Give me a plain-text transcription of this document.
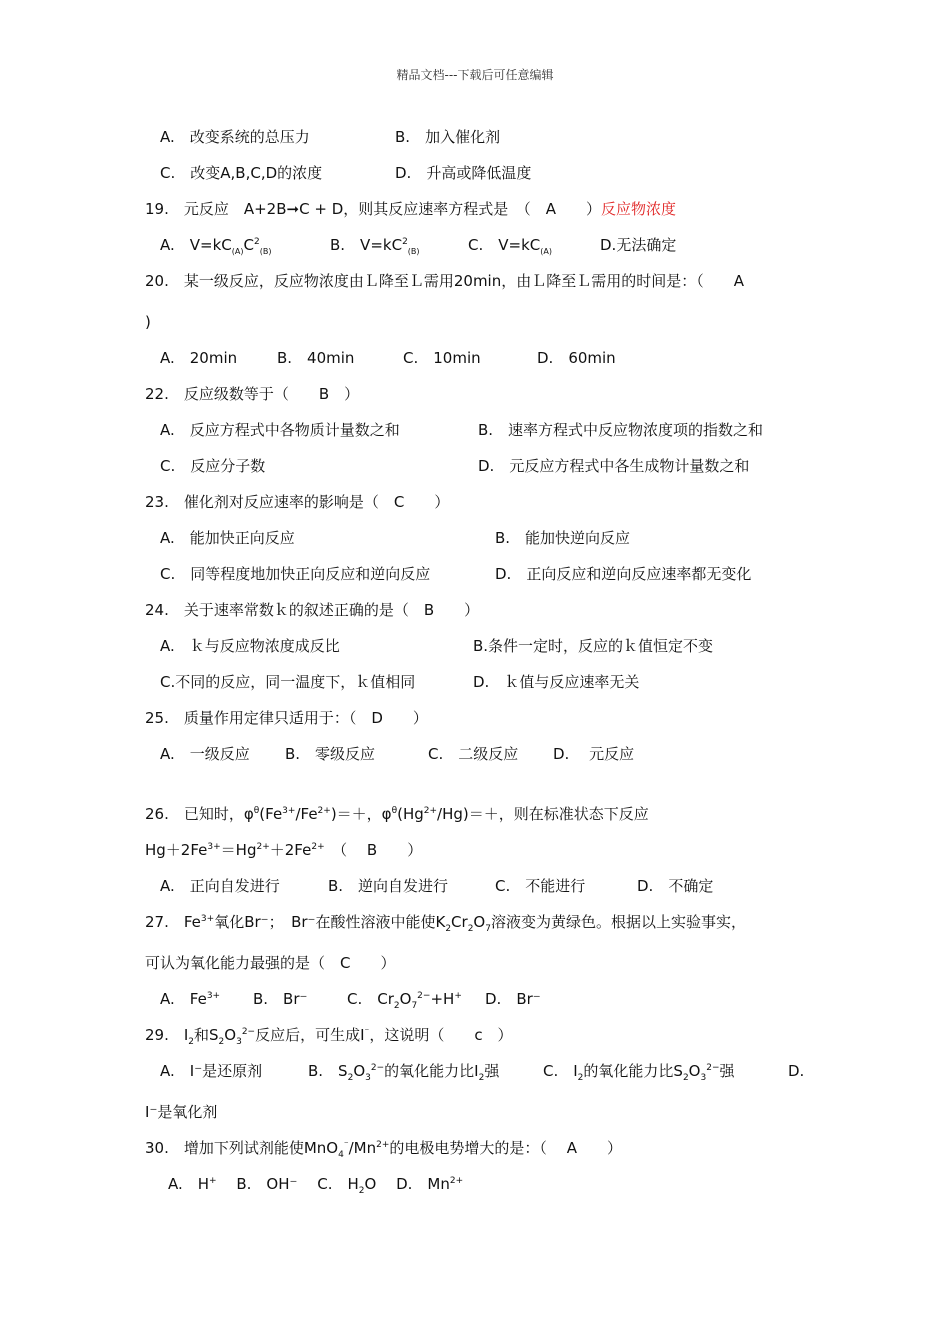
精品文档---下载后可任意编辑
A.　 改变系统的总压力	B.　 加入催化剂
C.　 改变A,B,C,D的浓度	D.　 升高或降低温度
19.　元反应　A+2B➞C + D，则其反应速率方程式是　（　A　　）反应物浓度
A.　$V=kC_{(A)}C^2_{(B)}$	B.　$V=kC^2_{(B)}$	C.　$V=kC_{(A)}$	D.无法确定
20.　某一级反应，反应物浓度由Ｌ降至Ｌ需用20min，由Ｌ降至Ｌ需用的时间是：（　　A
)
A.　20min	B.　40min	C.　10min	D.　60min
22.　反应级数等于（　　B　）
A.　反应方程式中各物质计量数之和	B.　速率方程式中反应物浓度项的指数之和
C.　反应分子数	D.　元反应方程式中各生成物计量数之和
23.　催化剂对反应速率的影响是（　C　　）
A.　能加快正向反应	B.　能加快逆向反应
C.　同等程度地加快正向反应和逆向反应	D.　正向反应和逆向反应速率都无变化
24.　关于速率常数ｋ的叙述正确的是（　B　　）
A.　ｋ与反应物浓度成反比	B.条件一定时，反应的ｋ值恒定不变
C.不同的反应，同一温度下，ｋ值相同	D.　ｋ值与反应速率无关
25.　质量作用定律只适用于：（　D　　）
A.　一级反应 B.　零级反应	C.　二级反应 D.　 元反应
26.　已知时，$\varphi^\theta(Fe^{3+}/Fe^{2+})=+$，$\varphi^\theta(Hg^{2+}/Hg)=+$，则在标准状态下反应
$Hg+2Fe^{3+}=Hg^{2+}+2Fe^{2+}$　（　 B　　）
A.　正向自发进行	B.　逆向自发进行	C.　不能进行	D.　不确定
27.　$Fe^{3+}$氧化Br⁻；　Br⁻在酸性溶液中能使$K_2Cr_2O_7$溶液变为黄绿色。根据以上实验事实，
可认为氧化能力最强的是（　C　　）
A.　$Fe^{3+}$ B.　Br⁻	C.　$Cr_2O_7^{2-}+H^+$ D.　Br⁻
29.　$I_2$和$S_2O_3^{2-}$反应后，可生成I⁻，这说明（　　c　）
A.　I⁻是还原剂	B.　$S_2O_3^{2-}$的氧化能力比$I_2$强	C.　$I_2$的氧化能力比$S_2O_3^{2-}$强	D.
I⁻是氧化剂
30.　增加下列试剂能使$MnO_4^{^-}/Mn^{2+}$的电极电势增大的是：（　 A　　）
A.　H+　 B.　OH⁻　 C.　$H_2O$　 D.　$Mn^{2+}$
